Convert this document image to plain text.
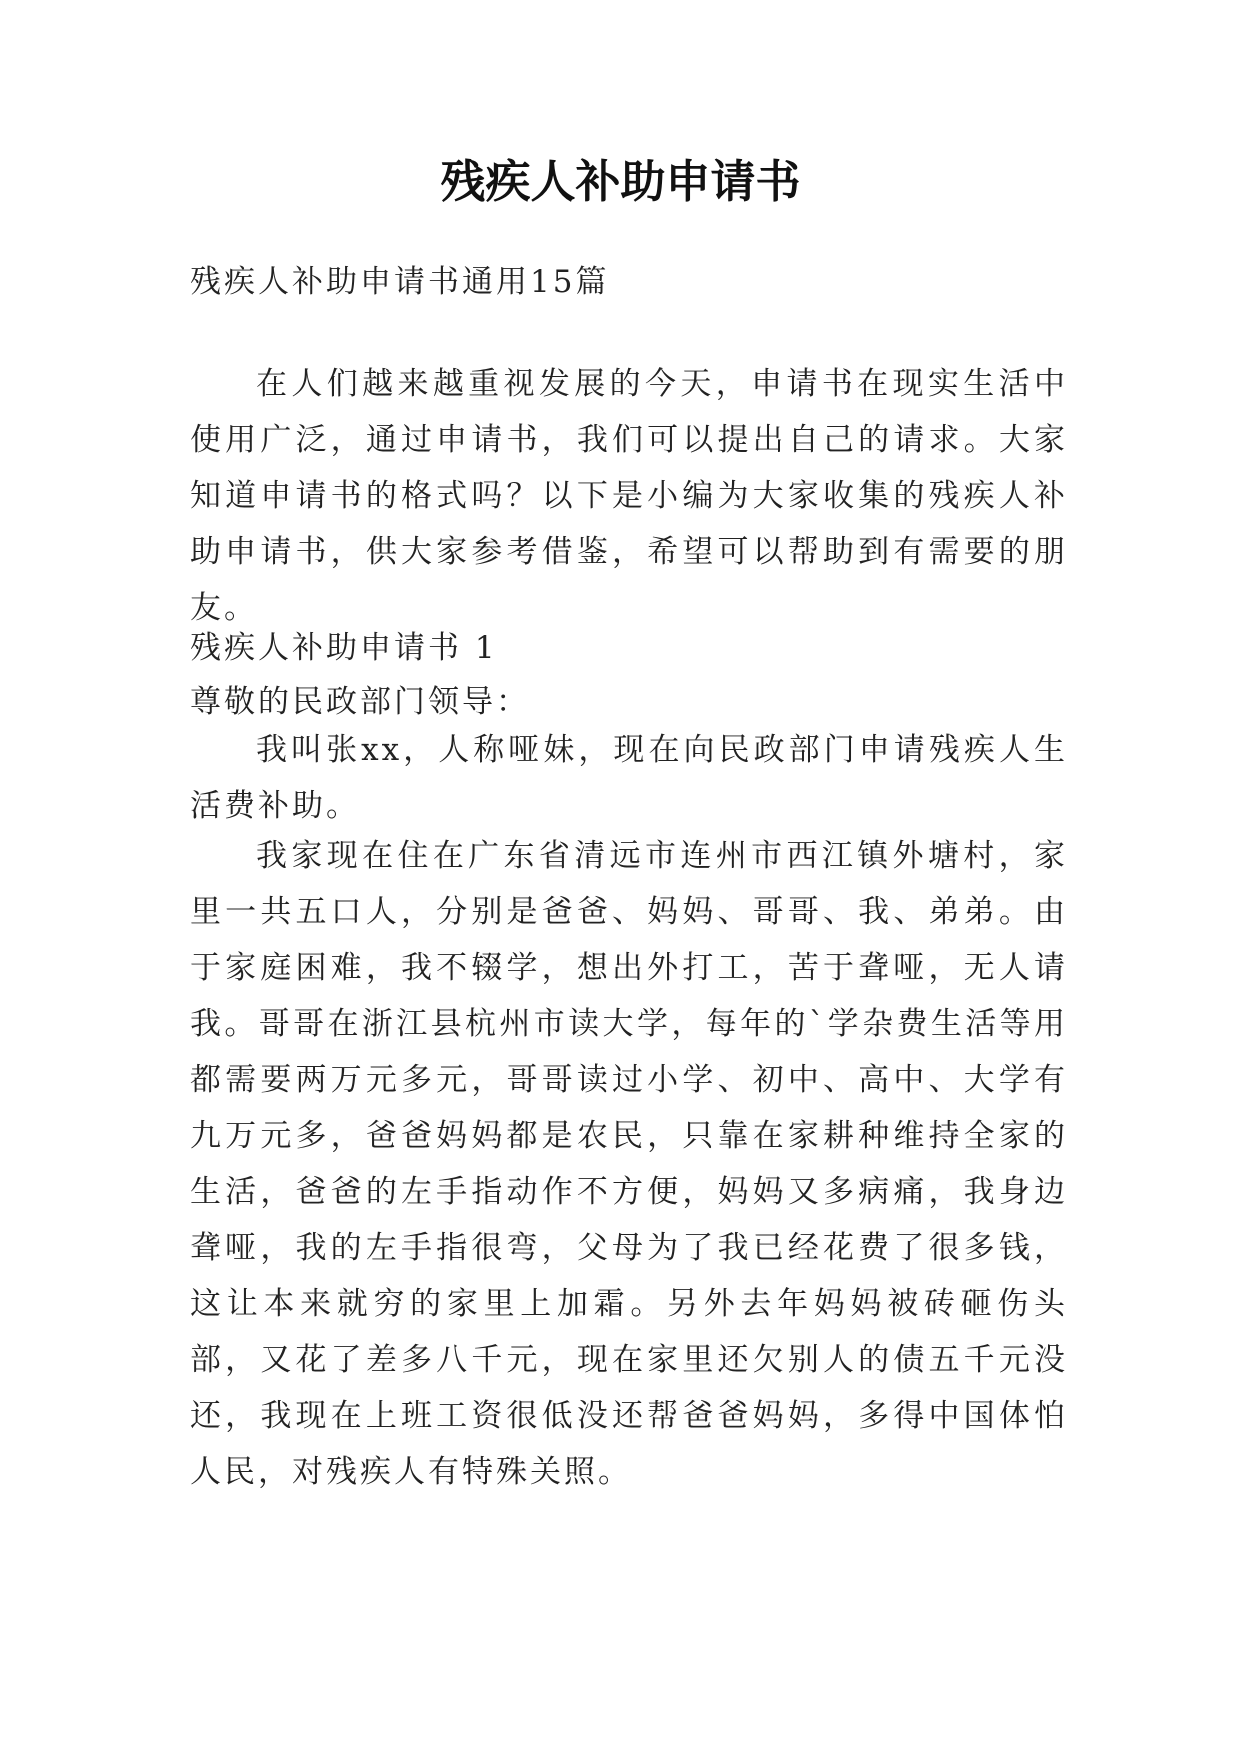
残疾人补助申请书
残疾人补助申请书通用15篇

在人们越来越重视发展的今天，申请书在现实生活中使用广泛，通过申请书，我们可以提出自己的请求。大家知道申请书的格式吗？以下是小编为大家收集的残疾人补助申请书，供大家参考借鉴，希望可以帮助到有需要的朋友。

残疾人补助申请书 1
尊敬的民政部门领导：

我叫张xx，人称哑妹，现在向民政部门申请残疾人生活费补助。

我家现在住在广东省清远市连州市西江镇外塘村，家里一共五口人，分别是爸爸、妈妈、哥哥、我、弟弟。由于家庭困难，我不辍学，想出外打工，苦于聋哑，无人请我。哥哥在浙江县杭州市读大学，每年的`学杂费生活等用都需要两万元多元，哥哥读过小学、初中、高中、大学有九万元多，爸爸妈妈都是农民，只靠在家耕种维持全家的生活，爸爸的左手指动作不方便，妈妈又多病痛，我身边聋哑，我的左手指很弯，父母为了我已经花费了很多钱，这让本来就穷的家里上加霜。另外去年妈妈被砖砸伤头部，又花了差多八千元，现在家里还欠别人的债五千元没还，我现在上班工资很低没还帮爸爸妈妈，多得中国体怕人民，对残疾人有特殊关照。
